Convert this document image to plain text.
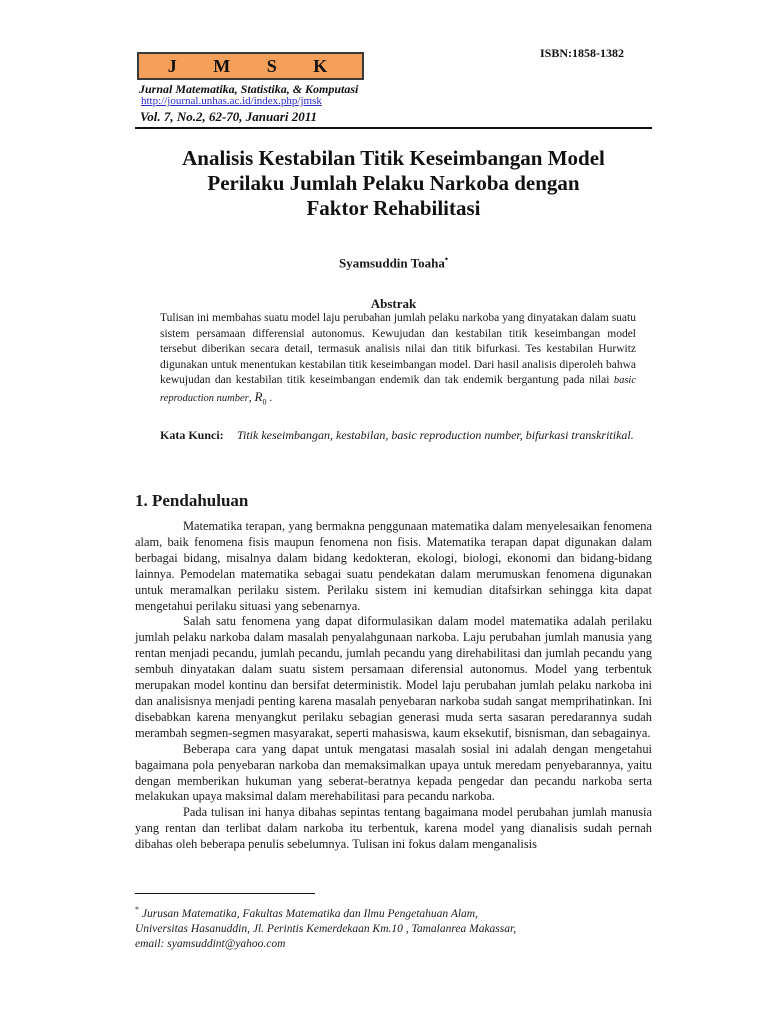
J M S K
Jurnal Matematika, Statistika, & Komputasi
http://journal.unhas.ac.id/index.php/jmsk
Vol. 7, No.2, 62-70, Januari 2011
ISBN:1858-1382
Analisis Kestabilan Titik Keseimbangan Model
Perilaku Jumlah Pelaku Narkoba dengan
Faktor Rehabilitasi
Syamsuddin Toaha•
Abstrak
Tulisan ini membahas suatu model laju perubahan jumlah pelaku narkoba yang dinyatakan dalam suatu sistem persamaan differensial autonomus. Kewujudan dan kestabilan titik keseimbangan model tersebut diberikan secara detail, termasuk analisis nilai dan titik bifurkasi. Tes kestabilan Hurwitz digunakan untuk menentukan kestabilan titik keseimbangan model. Dari hasil analisis diperoleh bahwa kewujudan dan kestabilan titik keseimbangan endemik dan tak endemik bergantung pada nilai basic reproduction number, $R_0$ .
Kata Kunci:	Titik keseimbangan, kestabilan, basic reproduction number, bifurkasi transkritikal.
1. Pendahuluan

Matematika terapan, yang bermakna penggunaan matematika dalam menyelesaikan fenomena alam, baik fenomena fisis maupun fenomena non fisis. Matematika terapan dapat digunakan dalam berbagai bidang, misalnya dalam bidang kedokteran, ekologi, biologi, ekonomi dan bidang-bidang lainnya. Pemodelan matematika sebagai suatu pendekatan dalam merumuskan fenomena digunakan untuk meramalkan perilaku sistem. Perilaku sistem ini kemudian ditafsirkan sehingga kita dapat mengetahui perilaku situasi yang sebenarnya.

Salah satu fenomena yang dapat diformulasikan dalam model matematika adalah perilaku jumlah pelaku narkoba dalam masalah penyalahgunaan narkoba. Laju perubahan jumlah manusia yang rentan menjadi pecandu, jumlah pecandu, jumlah pecandu yang direhabilitasi dan jumlah pecandu yang sembuh dinyatakan dalam suatu sistem persamaan diferensial autonomus. Model yang terbentuk merupakan model kontinu dan bersifat deterministik. Model laju perubahan jumlah pelaku narkoba ini dan analisisnya menjadi penting karena masalah penyebaran narkoba sudah sangat memprihatinkan. Ini disebabkan karena menyangkut perilaku sebagian generasi muda serta sasaran peredarannya sudah merambah segmen-segmen masyarakat, seperti mahasiswa, kaum eksekutif, bisnisman, dan sebagainya.

Beberapa cara yang dapat untuk mengatasi masalah sosial ini adalah dengan mengetahui bagaimana pola penyebaran narkoba dan memaksimalkan upaya untuk meredam penyebarannya, yaitu dengan memberikan hukuman yang seberat-beratnya kepada pengedar dan pecandu narkoba serta melakukan upaya maksimal dalam merehabilitasi para pecandu narkoba.

Pada tulisan ini hanya dibahas sepintas tentang bagaimana model perubahan jumlah manusia yang rentan dan terlibat dalam narkoba itu terbentuk, karena model yang dianalisis sudah pernah dibahas oleh beberapa penulis sebelumnya. Tulisan ini fokus dalam menganalisis

* Jurusan Matematika, Fakultas Matematika dan Ilmu Pengetahuan Alam,
Universitas Hasanuddin, Jl. Perintis Kemerdekaan Km.10 , Tamalanrea Makassar,
email: syamsuddint@yahoo.com
